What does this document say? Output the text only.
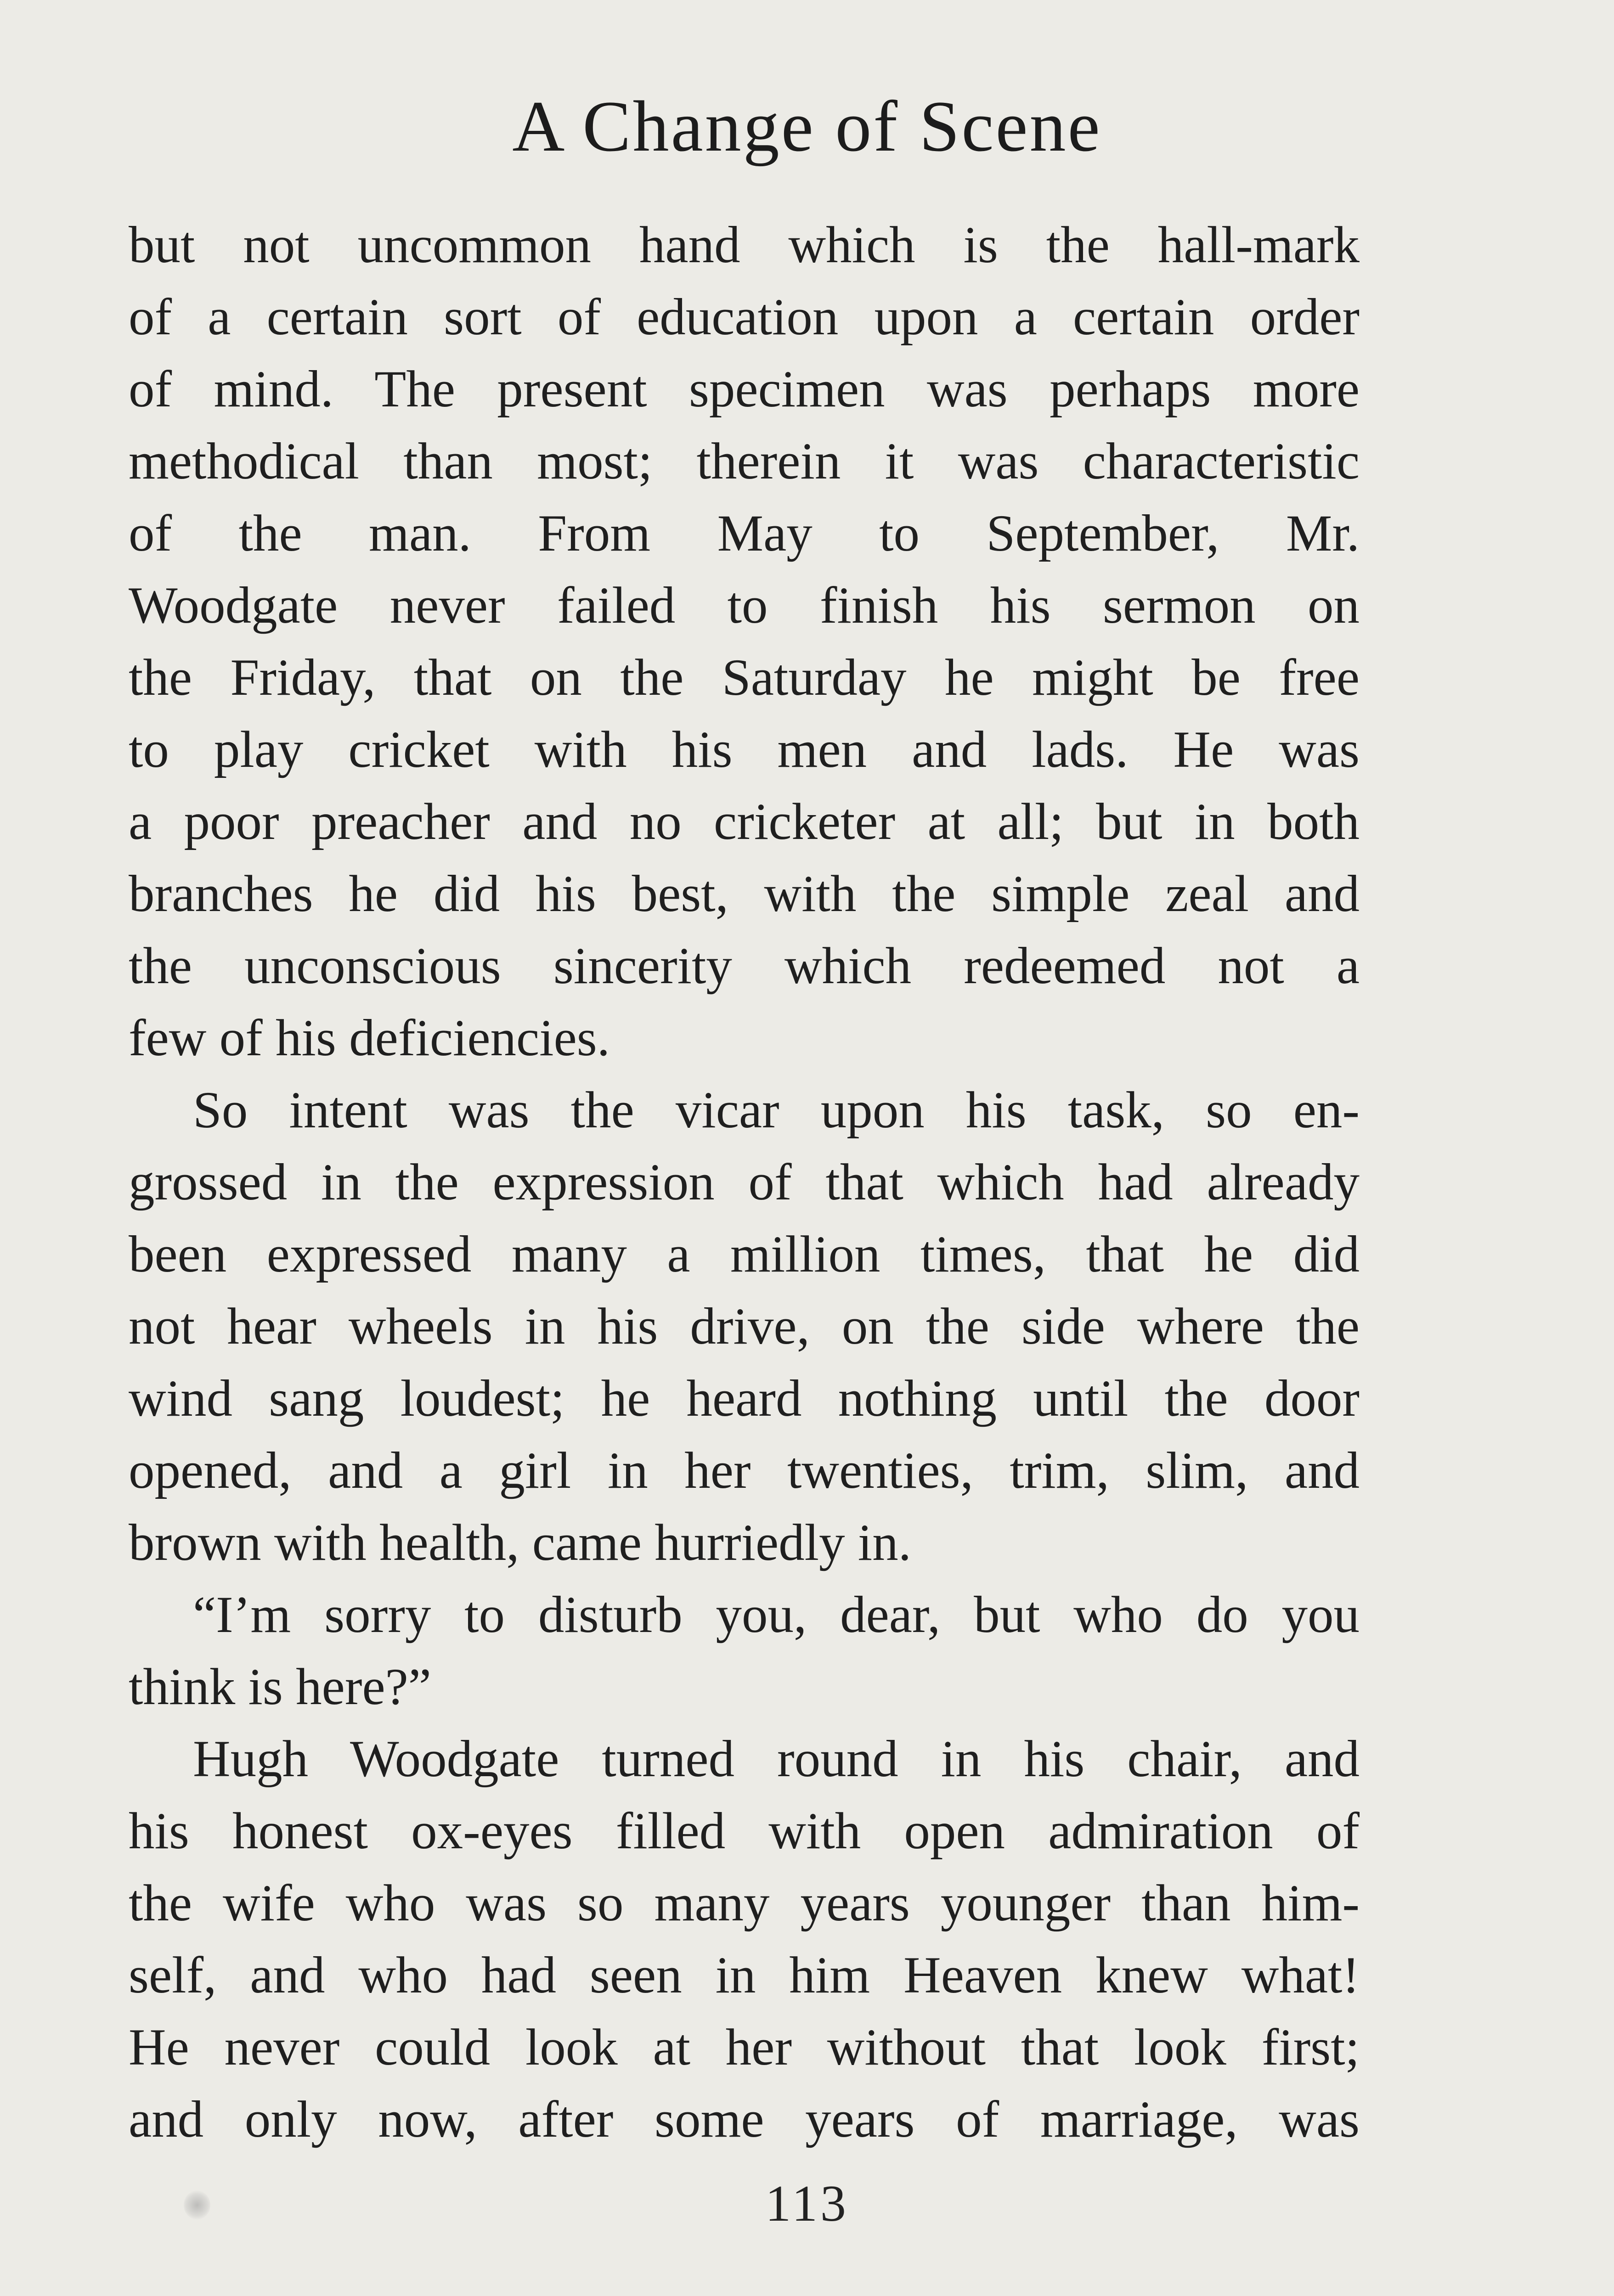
A Change of Scene
but not uncommon hand which is the hall-mark
of a certain sort of education upon a certain order
of mind. The present specimen was perhaps more
methodical than most; therein it was characteristic
of the man. From May to September, Mr.
Woodgate never failed to finish his sermon on
the Friday, that on the Saturday he might be free
to play cricket with his men and lads. He was
a poor preacher and no cricketer at all; but in both
branches he did his best, with the simple zeal and
the unconscious sincerity which redeemed not a
few of his deficiencies.
So intent was the vicar upon his task, so en-
grossed in the expression of that which had already
been expressed many a million times, that he did
not hear wheels in his drive, on the side where the
wind sang loudest; he heard nothing until the door
opened, and a girl in her twenties, trim, slim, and
brown with health, came hurriedly in.
“I’m sorry to disturb you, dear, but who do you
think is here?”
Hugh Woodgate turned round in his chair, and
his honest ox-eyes filled with open admiration of
the wife who was so many years younger than him-
self, and who had seen in him Heaven knew what!
He never could look at her without that look first;
and only now, after some years of marriage, was
113
